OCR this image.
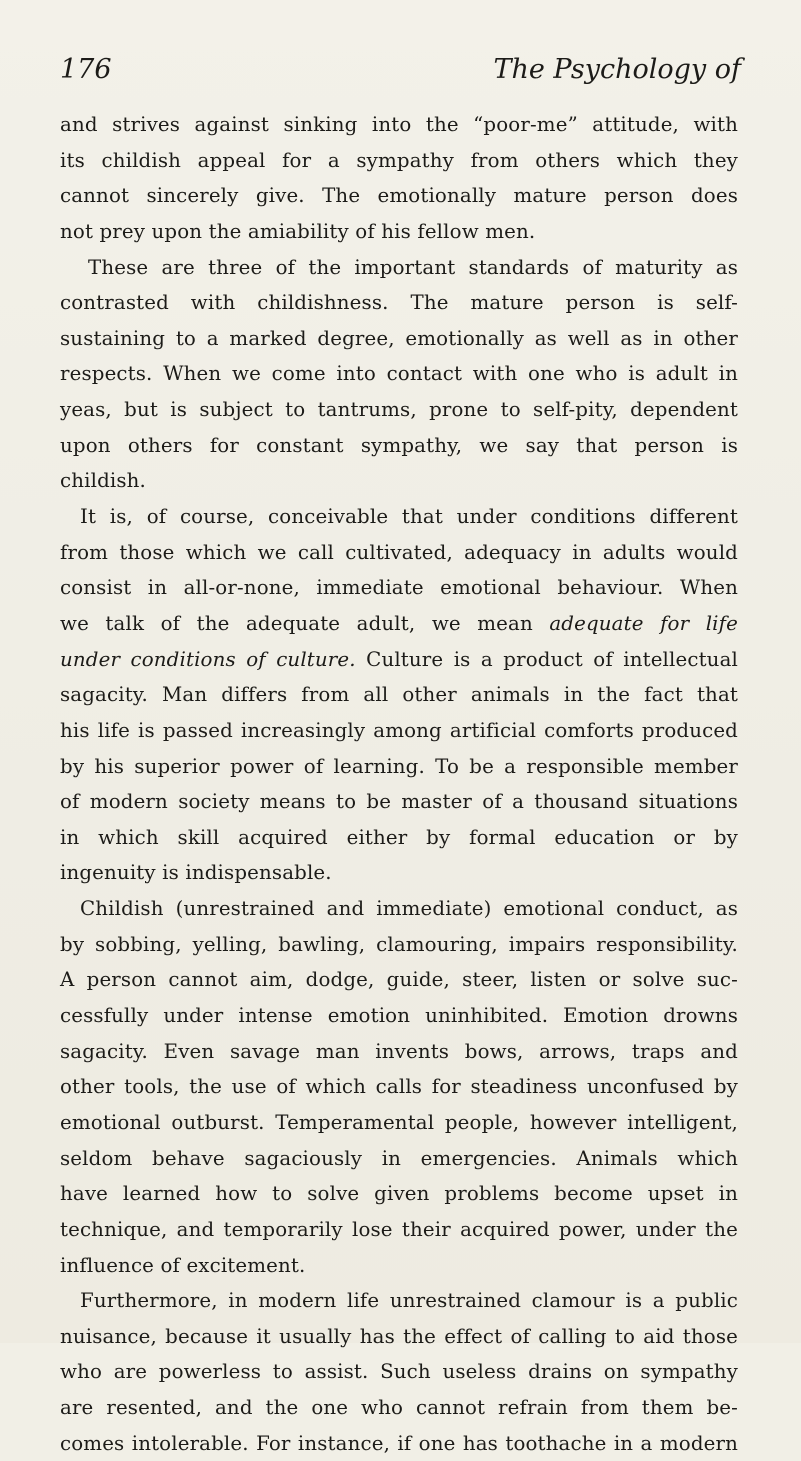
176	The Psychology of
and strives against sinking into the “poor-me” attitude, with
its childish appeal for a sympathy from others which they
cannot sincerely give. The emotionally mature person does
not prey upon the amiability of his fellow men.
These are three of the important standards of maturity as
contrasted with childishness. The mature person is self-
sustaining to a marked degree, emotionally as well as in other
respects. When we come into contact with one who is adult in
yeas, but is subject to tantrums, prone to self-pity, dependent
upon others for constant sympathy, we say that person is
childish.
It is, of course, conceivable that under conditions different
from those which we call cultivated, adequacy in adults would
consist in all-or-none, immediate emotional behaviour. When
we talk of the adequate adult, we mean adequate for life
under conditions of culture. Culture is a product of intellectual
sagacity. Man differs from all other animals in the fact that
his life is passed increasingly among artificial comforts produced
by his superior power of learning. To be a responsible member
of modern society means to be master of a thousand situations
in which skill acquired either by formal education or by
ingenuity is indispensable.
Childish (unrestrained and immediate) emotional conduct, as
by sobbing, yelling, bawling, clamouring, impairs responsibility.
A person cannot aim, dodge, guide, steer, listen or solve suc-
cessfully under intense emotion uninhibited. Emotion drowns
sagacity. Even savage man invents bows, arrows, traps and
other tools, the use of which calls for steadiness unconfused by
emotional outburst. Temperamental people, however intelligent,
seldom behave sagaciously in emergencies. Animals which
have learned how to solve given problems become upset in
technique, and temporarily lose their acquired power, under the
influence of excitement.
Furthermore, in modern life unrestrained clamour is a public
nuisance, because it usually has the effect of calling to aid those
who are powerless to assist. Such useless drains on sympathy
are resented, and the one who cannot refrain from them be-
comes intolerable. For instance, if one has toothache in a modern
